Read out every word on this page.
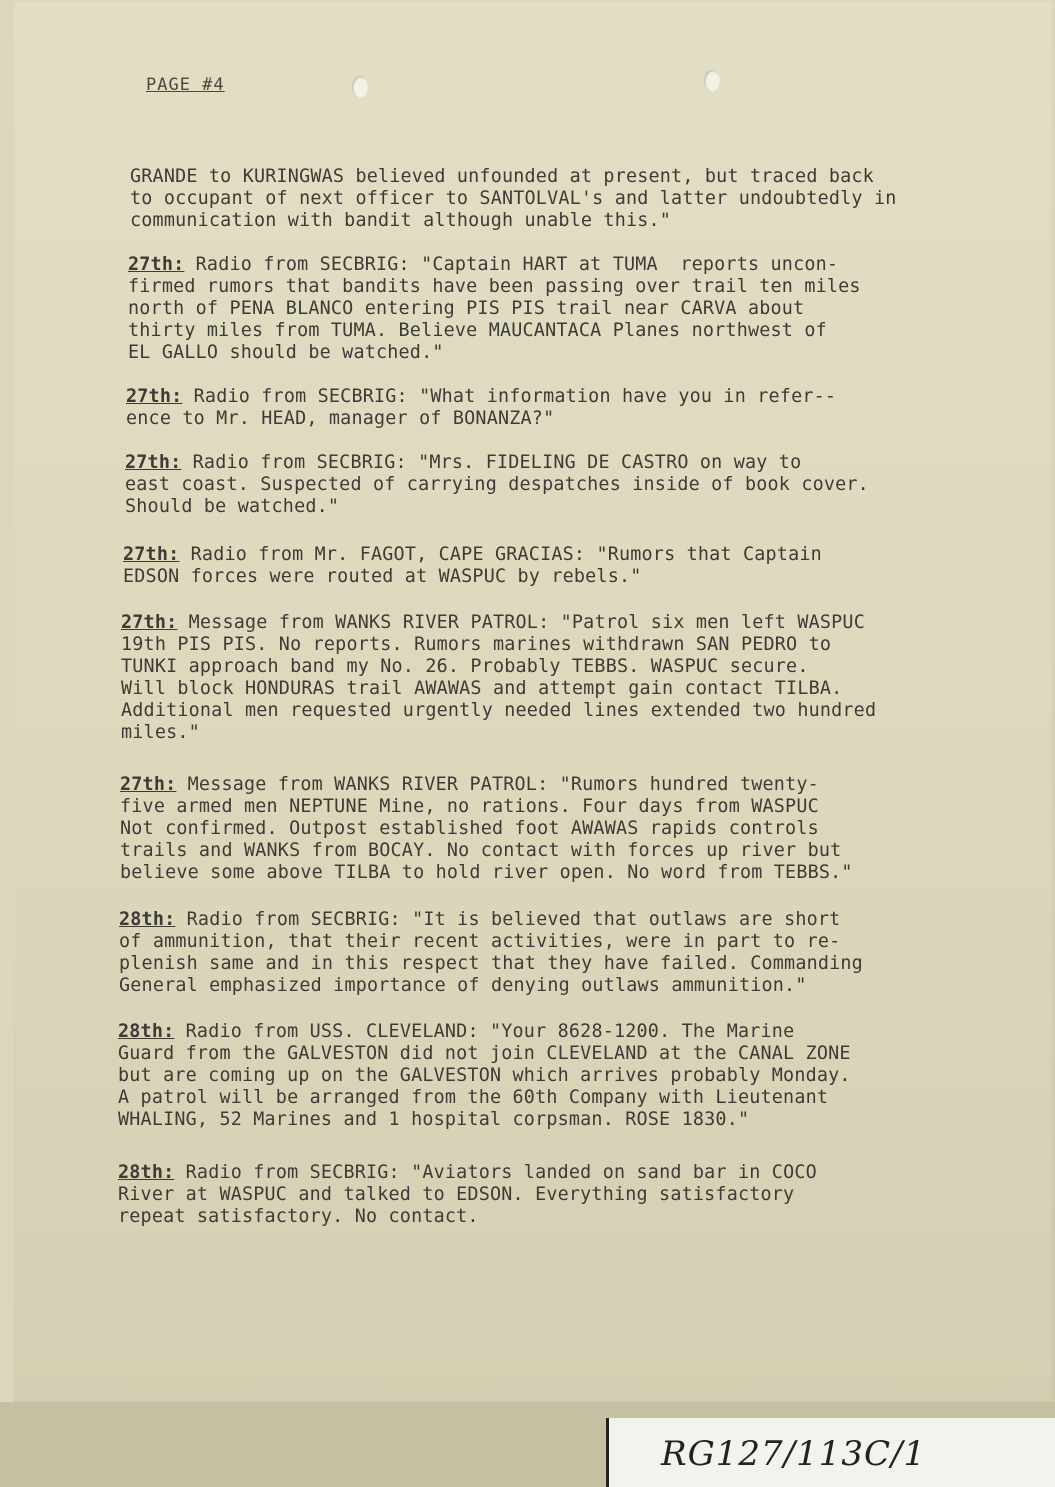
PAGE #4

GRANDE to KURINGWAS believed unfounded at present, but traced back
to occupant of next officer to SANTOLVAL's and latter undoubtedly in
communication with bandit although unable this."

27th: Radio from SECBRIG: "Captain HART at TUMA  reports uncon-
firmed rumors that bandits have been passing over trail ten miles
north of PENA BLANCO entering PIS PIS trail near CARVA about
thirty miles from TUMA. Believe MAUCANTACA Planes northwest of
EL GALLO should be watched."

27th: Radio from SECBRIG: "What information have you in refer--
ence to Mr. HEAD, manager of BONANZA?"

27th: Radio from SECBRIG: "Mrs. FIDELING DE CASTRO on way to
east coast. Suspected of carrying despatches inside of book cover.
Should be watched."

27th: Radio from Mr. FAGOT, CAPE GRACIAS: "Rumors that Captain
EDSON forces were routed at WASPUC by rebels."

27th: Message from WANKS RIVER PATROL: "Patrol six men left WASPUC
19th PIS PIS. No reports. Rumors marines withdrawn SAN PEDRO to
TUNKI approach band my No. 26. Probably TEBBS. WASPUC secure.
Will block HONDURAS trail AWAWAS and attempt gain contact TILBA.
Additional men requested urgently needed lines extended two hundred
miles."

27th: Message from WANKS RIVER PATROL: "Rumors hundred twenty-
five armed men NEPTUNE Mine, no rations. Four days from WASPUC
Not confirmed. Outpost established foot AWAWAS rapids controls
trails and WANKS from BOCAY. No contact with forces up river but
believe some above TILBA to hold river open. No word from TEBBS."

28th: Radio from SECBRIG: "It is believed that outlaws are short
of ammunition, that their recent activities, were in part to re-
plenish same and in this respect that they have failed. Commanding
General emphasized importance of denying outlaws ammunition."

28th: Radio from USS. CLEVELAND: "Your 8628-1200. The Marine
Guard from the GALVESTON did not join CLEVELAND at the CANAL ZONE
but are coming up on the GALVESTON which arrives probably Monday.
A patrol will be arranged from the 60th Company with Lieutenant
WHALING, 52 Marines and 1 hospital corpsman. ROSE 1830."

28th: Radio from SECBRIG: "Aviators landed on sand bar in COCO
River at WASPUC and talked to EDSON. Everything satisfactory
repeat satisfactory. No contact.

RG127/113C/1
